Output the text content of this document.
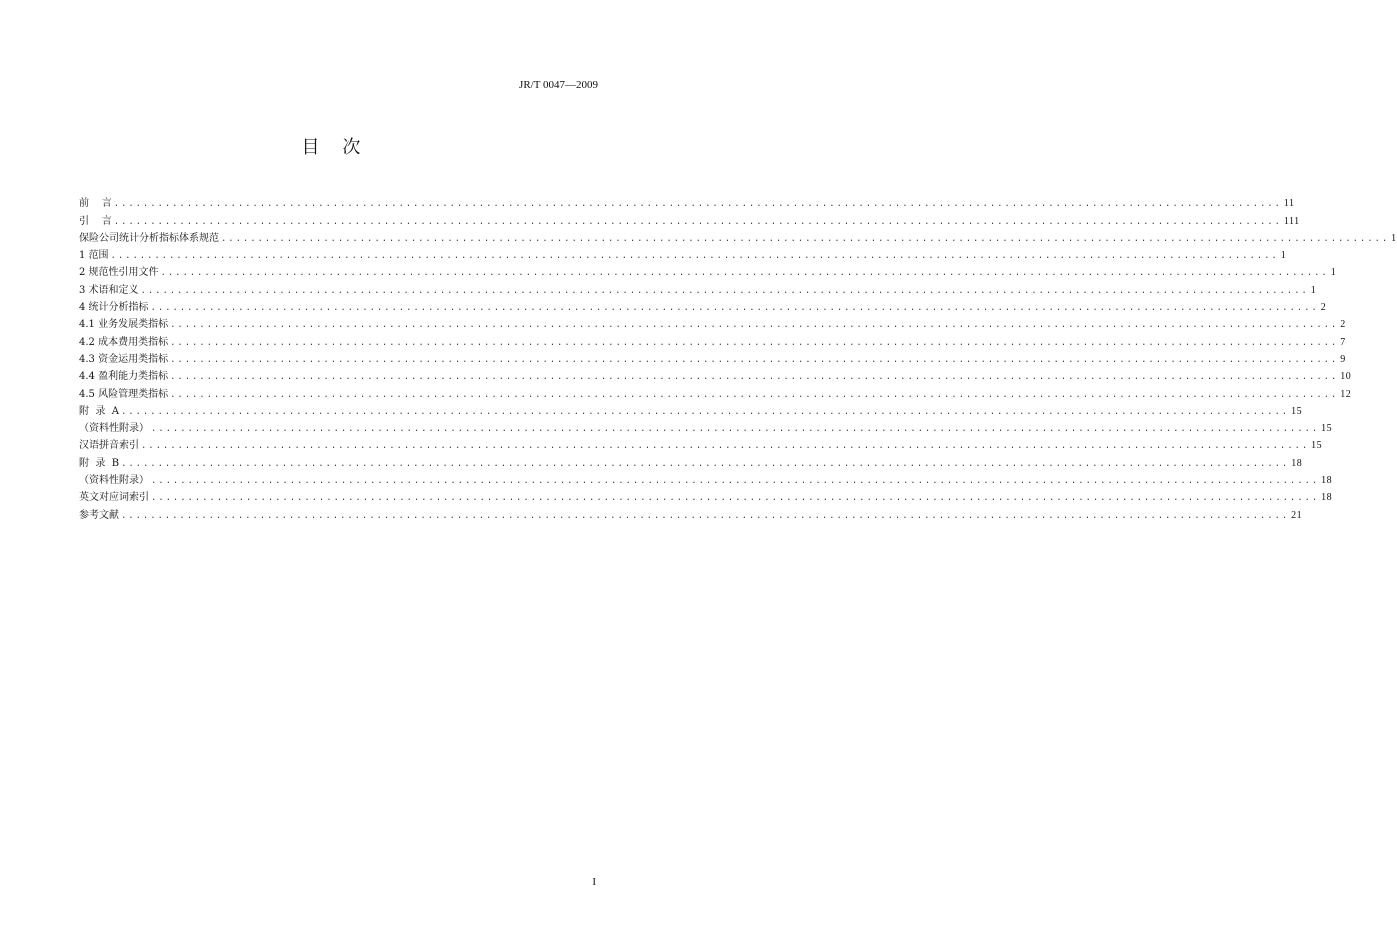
JR/T 0047—2009
目    次
前    言 ................................................................................................................................................................ 11
引    言 ................................................................................................................................................................ 111
保险公司统计分析指标体系规范 ................................................................................................................................................................ 1
1 范围 ................................................................................................................................................................ 1
2 规范性引用文件 ................................................................................................................................................................ 1
3 术语和定义 ................................................................................................................................................................ 1
4 统计分析指标 ................................................................................................................................................................ 2
4.1 业务发展类指标 ................................................................................................................................................................ 2
4.2 成本费用类指标 ................................................................................................................................................................ 7
4.3 资金运用类指标 ................................................................................................................................................................ 9
4.4 盈利能力类指标 ................................................................................................................................................................ 10
4.5 风险管理类指标 ................................................................................................................................................................ 12
附  录  A ................................................................................................................................................................ 15
（资料性附录） ................................................................................................................................................................ 15
汉语拼音索引 ................................................................................................................................................................ 15
附  录  B ................................................................................................................................................................ 18
（资料性附录） ................................................................................................................................................................ 18
英文对应词索引 ................................................................................................................................................................ 18
参考文献 ................................................................................................................................................................ 21
I
